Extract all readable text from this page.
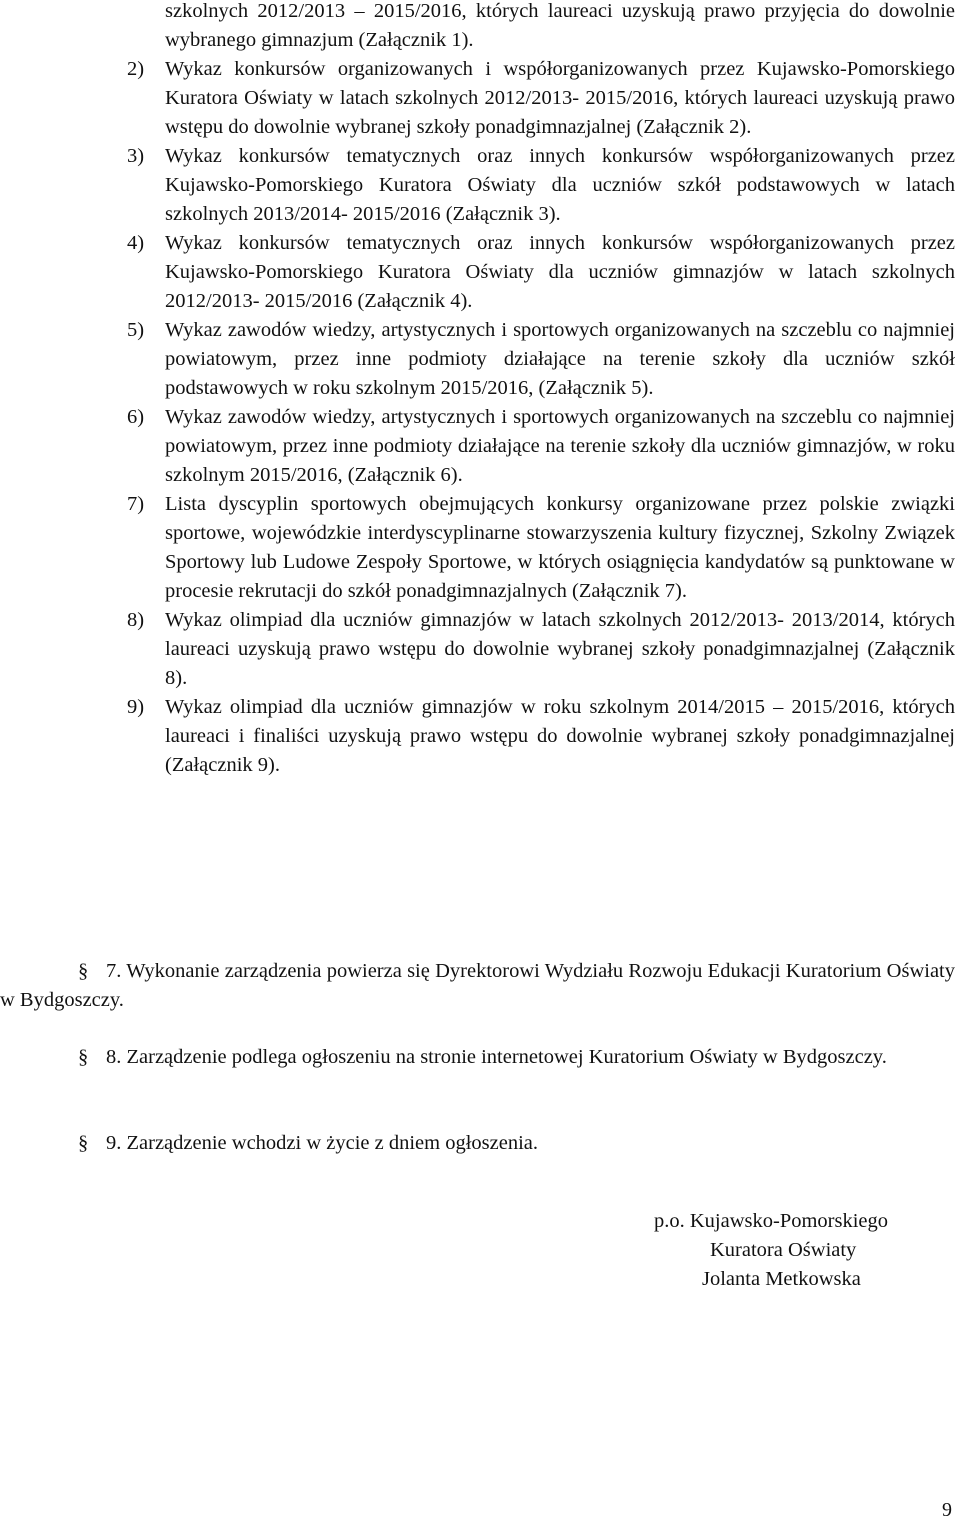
szkolnych 2012/2013 – 2015/2016, których laureaci uzyskują prawo przyjęcia do dowolnie wybranego gimnazjum (Załącznik 1).
2) Wykaz konkursów organizowanych i współorganizowanych przez Kujawsko-Pomorskiego Kuratora Oświaty w latach szkolnych 2012/2013- 2015/2016, których laureaci uzyskują prawo wstępu do dowolnie wybranej szkoły ponadgimnazjalnej (Załącznik 2).
3) Wykaz konkursów tematycznych oraz innych konkursów współorganizowanych przez Kujawsko-Pomorskiego Kuratora Oświaty dla uczniów szkół podstawowych w latach szkolnych 2013/2014- 2015/2016 (Załącznik 3).
4) Wykaz konkursów tematycznych oraz innych konkursów współorganizowanych przez Kujawsko-Pomorskiego Kuratora Oświaty dla uczniów gimnazjów w latach szkolnych 2012/2013- 2015/2016 (Załącznik 4).
5) Wykaz zawodów wiedzy, artystycznych i sportowych organizowanych na szczeblu co najmniej powiatowym, przez inne podmioty działające na terenie szkoły dla uczniów szkół podstawowych w roku szkolnym 2015/2016, (Załącznik 5).
6) Wykaz zawodów wiedzy, artystycznych i sportowych organizowanych na szczeblu co najmniej powiatowym, przez inne podmioty działające na terenie szkoły dla uczniów gimnazjów, w roku szkolnym 2015/2016, (Załącznik 6).
7) Lista dyscyplin sportowych obejmujących konkursy organizowane przez polskie związki sportowe, wojewódzkie interdyscyplinarne stowarzyszenia kultury fizycznej, Szkolny Związek Sportowy lub Ludowe Zespoły Sportowe, w których osiągnięcia kandydatów są punktowane w procesie rekrutacji do szkół ponadgimnazjalnych (Załącznik 7).
8) Wykaz olimpiad dla uczniów gimnazjów w latach szkolnych 2012/2013- 2013/2014, których laureaci uzyskują prawo wstępu do dowolnie wybranej szkoły ponadgimnazjalnej (Załącznik 8).
9) Wykaz olimpiad dla uczniów gimnazjów w roku szkolnym 2014/2015 – 2015/2016, których laureaci i finaliści uzyskują prawo wstępu do dowolnie wybranej szkoły ponadgimnazjalnej (Załącznik 9).
§ 7. Wykonanie zarządzenia powierza się Dyrektorowi Wydziału Rozwoju Edukacji Kuratorium Oświaty w Bydgoszczy.
§ 8. Zarządzenie podlega ogłoszeniu na stronie internetowej Kuratorium Oświaty w Bydgoszczy.
§ 9. Zarządzenie wchodzi w życie z dniem ogłoszenia.
p.o. Kujawsko-Pomorskiego
Kuratora Oświaty
Jolanta Metkowska
9
